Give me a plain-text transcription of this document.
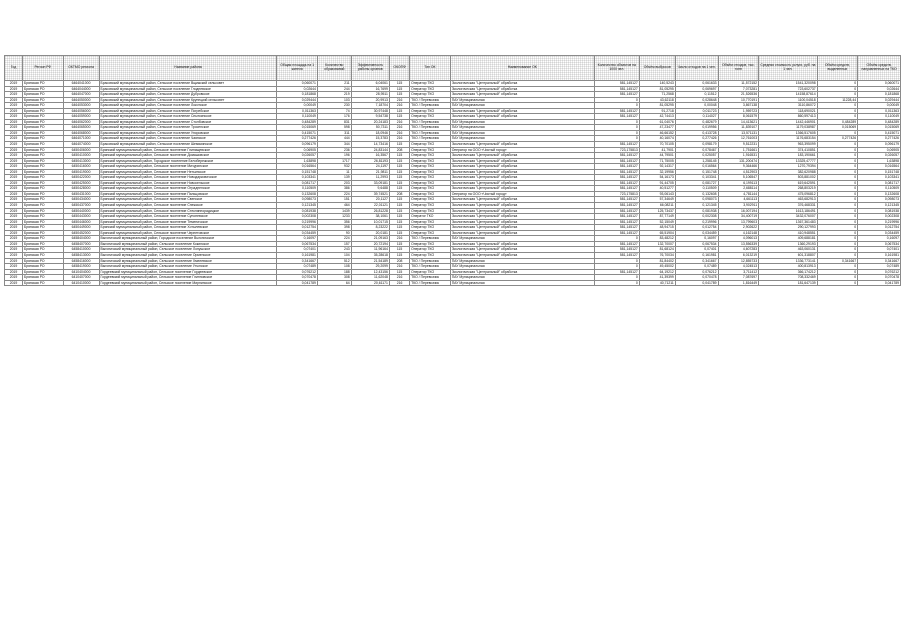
Год	Регион РФ	ОКТМО региона	Название района	Общая площадь на 1 жителя	Количество образований	Эффективность работы органов	ОКОПФ	Тип ОК	Наименование ОК	Количество объектов на 1000 чел.	Объём выбросов	Число отходов на 1 чел.	Объём отходов, тыс. тонн	Средняя стоимость услуги, руб. на 1 чел.	Объём средств, выделенных	Объём средств, направленных на ТКО
2019	Брянская РО	6464041000	Брасовский муниципальный район, Сельское поселение Вщижский сельсовет	0,060071	211	6,04061	115	Оператор ТКО	Экологическая "Центральный" обработка	581,145127	140,5243	0,061633	11,572152	1541,320098	0	0,060071
2019	Брянская РО	6464044000	Брасовский муниципальный район, Сельское поселение Глодневское	0,02644	244	16,7699	115	Оператор ТКО	Экологическая "Центральный" обработка	581,145127	81,05295	0,069697	7,073281	723,602737	0	0,02644
2019	Брянская РО	6464047000	Брасовский муниципальный район, Сельское поселение Дубровское	0,181868	219	28,9511	115	Оператор ТКО	Экологическая "Центральный" обработка	581,145127	71,2568	0,11512	21,526536	14158,87614	0	0,181868
2019	Брянская РО	6464050000	Брасовский муниципальный район, Сельское поселение Крупецкий сельсовет	0,029444	103	20,9913	216	ТКО / Перевозчик	ПАУ Муниципальная	0	43,62118	0,028648	10,770191	1100,04518	11228,44	0,029444
2019	Брянская РО	6464053000	Брасовский муниципальный район, Сельское поселение Локотское	0,00049	230	7,18704	216	ТКО / Перевозчик	ПАУ Муниципальная	0	81,05295	0,00048	3,867138	3110,86072	0	0,00049
2019	Брянская РО	6464056000	Брасовский муниципальный район, Сельское поселение Погребское	0,011363	74	30,97448	115	Оператор ТКО	Экологическая "Центральный" обработка	581,145127	91,2718	0,011723	1,959723	118,690021	0	0,011363
2019	Брянская РО	6464059000	Брасовский муниципальный район, Сельское поселение Сныткинское	0,110049	176	9,54738	115	Оператор ТКО	Экологическая "Центральный" обработка	581,145127	42,74413	0,114027	8,061579	860,597413	0	0,110049
2019	Брянская РО	6464062000	Брасовский муниципальный район, Сельское поселение Столбовское	0,484289	831	20,24183	216	ТКО / Перевозчик	ПАУ Муниципальная	0	61,04076	0,482679	14,413621	1442,446901	0,484289	0,484289
2019	Брянская РО	6464065000	Брасовский муниципальный район, Сельское поселение Тросенское	0,015069	598	50,7311	216	ТКО / Перевозчик	ПАУ Муниципальная	0	47,23477	0,019956	11,839107	1179,038987	0,015069	0,015069
2019	Брянская РО	6464068000	Брасовский муниципальный район, Сельское поселение Упоровское	0,415071	311	18,0946	216	ТКО / Перевозчик	ПАУ Муниципальная	0	46,66152	0,413728	13,571131	1366,517605	0	0,415071
2019	Брянская РО	6464071000	Брасовский муниципальный район, Сельское поселение Чаянское	0,277426	444	15,3783	216	ТКО / Перевозчик	ПАУ Муниципальная	0	40,16074	0,277426	12,761003	1176,683154	0,277426	0,277426
2019	Брянская РО	6464074000	Брасовский муниципальный район, Сельское поселение Шемякинское	0,096179	344	14,73416	115	Оператор ТКО	Экологическая "Центральный" обработка	581,145127	70,70105	0,098179	9,512231	963,395099	0	0,096179
2019	Брянская РО	6450406000	Брянский муниципальный район, Сельское поселение Глинищевское	0,06905	236	24,83144	208	Оператор ТКО	Оператор на ООО «Чистый город»	723,175813	41,7901	0,078467	1,751661	374,410851	0	0,06905
2019	Брянская РО	6450410000	Брянский муниципальный район, Сельское поселение Домашовское	0,026057	196	16,3567	115	Оператор ТКО	Экологическая "Центральный" обработка	581,145127	44,79501	0,025057	1,916531	183,190661	0	0,026057
2019	Брянская РО	6450413000	Брянский муниципальный район, Городское поселение Белобережское	1,63898	1717	26,81193	115	Оператор ТКО	Экологическая "Центральный" обработка	581,145127	71,75005	1,258145	131,200474	13325,47777	0	1,63898
2019	Брянская РО	6450416000	Брянский муниципальный район, Сельское поселение Мичуринское	0,016564	932	24,1197	115	Оператор ТКО	Экологическая "Центральный" обработка	581,145127	92,14317	0,016564	9,364466	1270,79394	0	0,016564
2019	Брянская РО	6450419000	Брянский муниципальный район, Сельское поселение Нетьинское	0,151748	11	21,9811	115	Оператор ТКО	Экологическая "Центральный" обработка	581,145127	32,19956	0,151748	4,512903	382,620988	0	0,151748
2019	Брянская РО	6450422000	Брянский муниципальный район, Сельское поселение Новодарковичское	0,103341	139	11,2993	115	Оператор ТКО	Экологическая "Центральный" обработка	581,145127	54,16173	0,103341	5,106547	503,881002	0	0,103341
2019	Брянская РО	6450425000	Брянский муниципальный район, Сельское поселение Новосельское	0,081717	203	33,09181	115	Оператор ТКО	Экологическая "Центральный" обработка	581,145127	91,44705	0,081727	6,199113	619,642591	0	0,081717
2019	Брянская РО	6450428000	Брянский муниципальный район, Сельское поселение Отрадненское	0,110509	386	9,6488	115	Оператор ТКО	Экологическая "Центральный" обработка	581,145127	40,51277	0,110509	2,688114	268,803219	0	0,110509
2019	Брянская РО	6450431000	Брянский муниципальный район, Сельское поселение Пальцовское	0,132608	224	39,74521	208	Оператор ТКО	Оператор на ООО «Чистый город»	723,175813	93,06143	0,132608	4,781144	475,096812	0	0,132608
2019	Брянская РО	6450434000	Брянский муниципальный район, Сельское поселение Свенское	0,098073	151	20,1127	115	Оператор ТКО	Экологическая "Центральный" обработка	581,145127	57,34649	0,098073	4,661113	463,682913	0	0,098073
2019	Брянская РО	6450437000	Брянский муниципальный район, Сельское поселение Снежское	0,121345	464	22,01121	115	Оператор ТКО	Экологическая "Центральный" обработка	581,145127	66,08211	0,121345	3,902911	376,468331	0	0,121345
2019	Брянская РО	6450440000	Брянский муниципальный район, Сельское поселение Стекляннорадицкое	0,081938	1439	26,81228	115	Оператор ТКО	Экологическая "Центральный" обработка	581,145127	125,73437	0,081938	16,007194	1613,186491	0	0,081938
2019	Брянская РО	6450443000	Брянский муниципальный район, Сельское поселение Супоневское	0,002308	1233	38,1061	115	Оператor ТКО	Экологическая "Центральный" обработка	581,145127	87,77149	0,002308	34,400719	3432,076007	0	0,002308
2019	Брянская РО	6450446000	Брянский муниципальный район, Сельское поселение Теменичское	0,219996	356	10,01715	115	Оператор ТКО	Экологическая "Центральный" обработка	581,145127	52,15049	0,219996	13,799603	1367,361483	0	0,219996
2019	Брянская РО	6450449000	Брянский муниципальный район, Сельское поселение Хотылевское	0,012754	398	8,23222	115	Оператор ТКО	Экологическая "Центральный" обработка	581,145127	48,94715	0,012754	2,902622	290,127993	0	0,012754
2019	Брянская РО	6450452000	Брянский муниципальный район, Сельское поселение Чернетовское	0,034459	90	20,0181	115	Оператор ТКО	Экологическая "Центральный" обработка	581,145127	65,51904	0,034459	4,162148	410,948551	0	0,034459
2019	Брянская РО	6458404000	Выгоничский муниципальный район, Городское поселение Выгоничское	0,16097	224	21,09163	216	ТКО / Перевозчик	ПАУ Муниципальная	0	83,48212	0,16097	4,096013	409,688181	0	0,16097
2019	Брянская РО	6458407000	Выгоничский муниципальный район, Сельское поселение Кокинское	0,067534	157	20,72194	115	Оператор ТКО	Экологическая "Центральный" обработка	581,145127	132,70007	0,067534	13,556339	1360,29193	0	0,067534
2019	Брянская РО	6458410000	Выгоничский муниципальный район, Сельское поселение Лопушское	0,07401	243	11,96164	115	Оператор ТКО	Экологическая "Центральный" обработка	581,145127	81,68124	0,07401	4,607283	463,060131	0	0,07401
2019	Брянская РО	6458413000	Выгоничский муниципальный район, Сельское поселение Орменское	0,161981	104	35,28618	115	Оператор ТКО	Экологическая "Центральный" обработка	581,145127	76,70034	0,161981	6,013219	601,318807	0	0,161981
2019	Брянская РО	6458416000	Выгоничский муниципальный район, Сельское поселение Хмелевское	0,341667	512	21,54189	208	ТКО / Перевозчик	ПАУ Муниципальная	0	81,84402	0,341667	12,855733	1336,773141	0,341667	0,341667
2019	Брянская РО	6458419000	Выгоничский муниципальный район, Сельское поселение Утынское	0,07489	108	29,2099	216	ТКО / Перевозчик	ПАУ Муниципальная	0	49,45002	0,07489	4,024513	400,813913	0	0,07489
2019	Брянская РО	6410404000	Гордеевский муниципальный район, Сельское поселение Гордеевское	0,076212	188	12,43156	115	Оператор ТКО	Экологическая "Центральный" обработка	581,145127	64,19212	0,076212	3,711412	366,174212	0	0,076212
2019	Брянская РО	6410407000	Гордеевский муниципальный район, Сельское поселение Глинновское	0,070478	308	11,62048	216	ТКО / Перевозчик	ПАУ Муниципальная	0	41,39399	0,070478	7,087697	708,332469	0	0,070478
2019	Брянская РО	6410410000	Гордеевский муниципальный район, Сельское поселение Мирнинское	0,041789	64	20,61171	216	ТКО / Перевозчик	ПАУ Муниципальная	0	40,71211	0,041789	1,816449	181,647139	0	0,041789
